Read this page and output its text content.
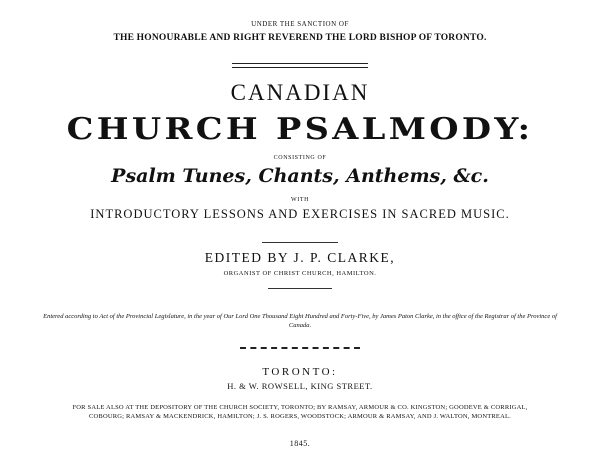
UNDER THE SANCTION OF
THE HONOURABLE AND RIGHT REVEREND THE LORD BISHOP OF TORONTO.
CANADIAN
CHURCH PSALMODY:
CONSISTING OF
Psalm Tunes, Chants, Anthems, &c.
WITH
INTRODUCTORY LESSONS AND EXERCISES IN SACRED MUSIC.
EDITED BY J. P. CLARKE,
ORGANIST OF CHRIST CHURCH, HAMILTON.
Entered according to Act of the Provincial Legislature, in the year of Our Lord One Thousand Eight Hundred and Forty-Five, by James Paton Clarke, in the office of the Registrar of the Province of Canada.
TORONTO:
H. & W. ROWSELL, KING STREET.
FOR SALE ALSO AT THE DEPOSITORY OF THE CHURCH SOCIETY, TORONTO; BY RAMSAY, ARMOUR & CO. KINGSTON; GOODEVE & CORRIGAL, COBOURG; RAMSAY & MACKENDRICK, HAMILTON; J. S. ROGERS, WOODSTOCK; ARMOUR & RAMSAY, AND J. WALTON, MONTREAL.
1845.
